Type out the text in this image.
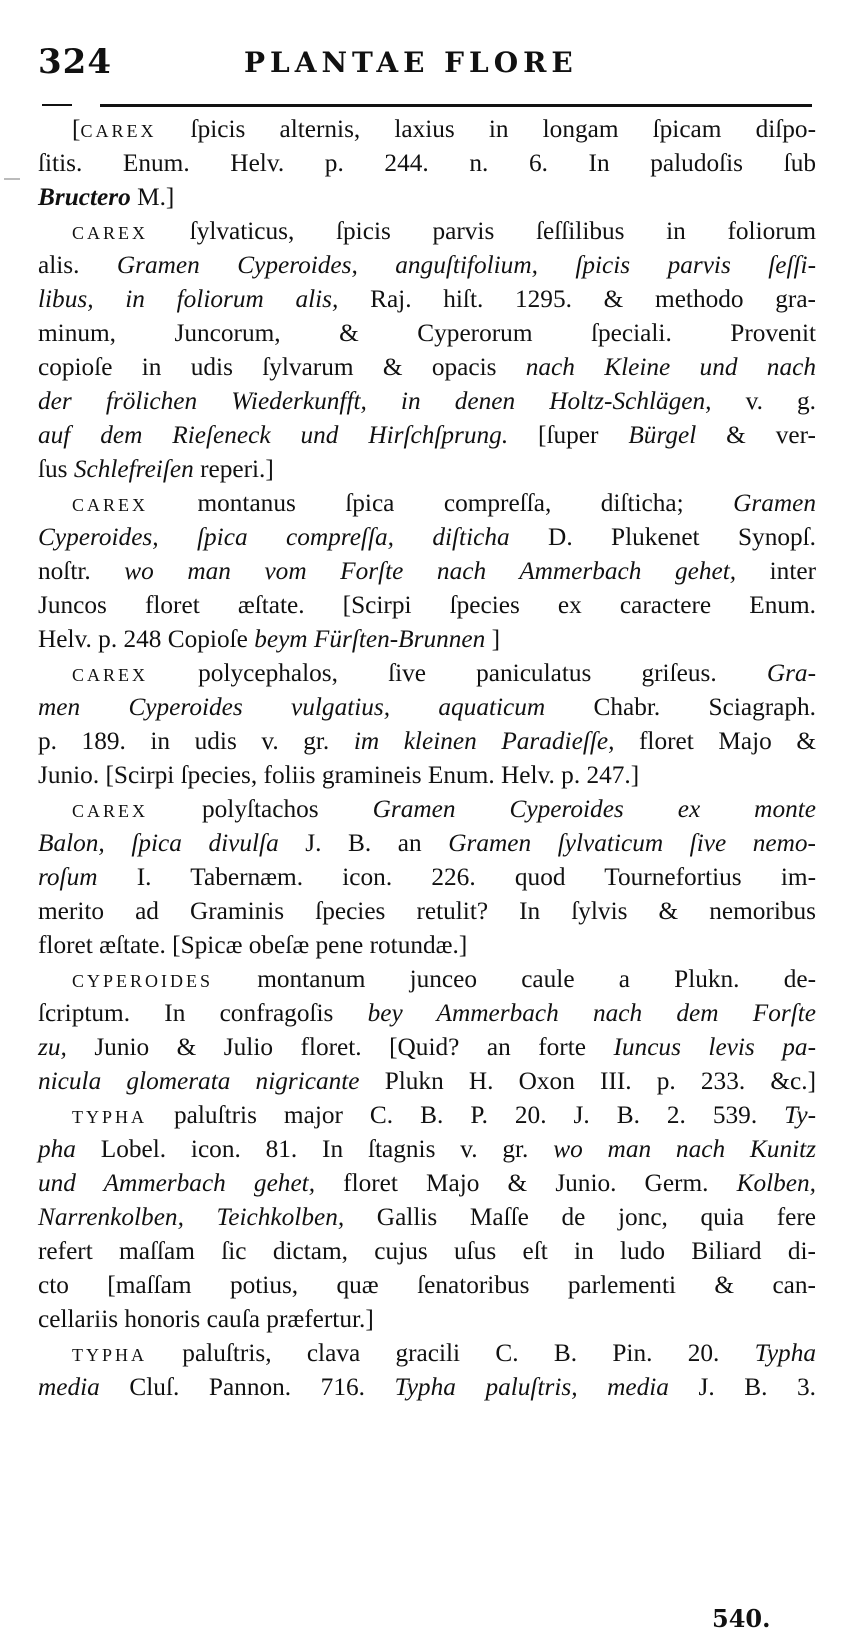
324	PLANTAE FLORE
[CAREX ſpicis alternis, laxius in longam ſpicam diſpo-
ſitis. Enum. Helv. p. 244. n. 6. In paludoſis ſub
Bructero M.]
CAREX ſylvaticus, ſpicis parvis ſeſſilibus in foliorum
alis. Gramen Cyperoides, anguſtifolium, ſpicis parvis ſeſſi-
libus, in foliorum alis, Raj. hiſt. 1295. & methodo gra-
minum, Juncorum, & Cyperorum ſpeciali. Provenit
copioſe in udis ſylvarum & opacis nach Kleine und nach
der frölichen Wiederkunfft, in denen Holtz-Schlägen, v. g.
auf dem Rieſeneck und Hirſchſprung. [ſuper Bürgel & ver-
ſus Schlefreiſen reperi.]
CAREX montanus ſpica compreſſa, diſticha; Gramen
Cyperoides, ſpica compreſſa, diſticha D. Plukenet Synopſ.
noſtr. wo man vom Forſte nach Ammerbach gehet, inter
Juncos floret æſtate. [Scirpi ſpecies ex caractere Enum.
Helv. p. 248 Copioſe beym Fürſten-Brunnen ]
CAREX polycephalos, ſive paniculatus griſeus. Gra-
men Cyperoides vulgatius, aquaticum Chabr. Sciagraph.
p. 189. in udis v. gr. im kleinen Paradieſſe, floret Majo &
Junio. [Scirpi ſpecies, foliis gramineis Enum. Helv. p. 247.]
CAREX polyſtachos Gramen Cyperoides ex monte
Balon, ſpica divulſa J. B. an Gramen ſylvaticum ſive nemo-
roſum I. Tabernæm. icon. 226. quod Tournefortius im-
merito ad Graminis ſpecies retulit? In ſylvis & nemoribus
floret æſtate. [Spicæ obeſæ pene rotundæ.]
CYPEROIDES montanum junceo caule a Plukn. de-
ſcriptum. In confragoſis bey Ammerbach nach dem Forſte
zu, Junio & Julio floret. [Quid? an forte Iuncus levis pa-
nicula glomerata nigricante Plukn H. Oxon III. p. 233. &c.]
TYPHA paluſtris major C. B. P. 20. J. B. 2. 539. Ty-
pha Lobel. icon. 81. In ſtagnis v. gr. wo man nach Kunitz
und Ammerbach gehet, floret Majo & Junio. Germ. Kolben,
Narrenkolben, Teichkolben, Gallis Maſſe de jonc, quia fere
refert maſſam ſic dictam, cujus uſus eſt in ludo Biliard di-
cto [maſſam potius, quæ ſenatoribus parlementi & can-
cellariis honoris cauſa præfertur.]
TYPHA paluſtris, clava gracili C. B. Pin. 20. Typha
media Cluſ. Pannon. 716. Typha paluſtris, media J. B. 3.
540.
